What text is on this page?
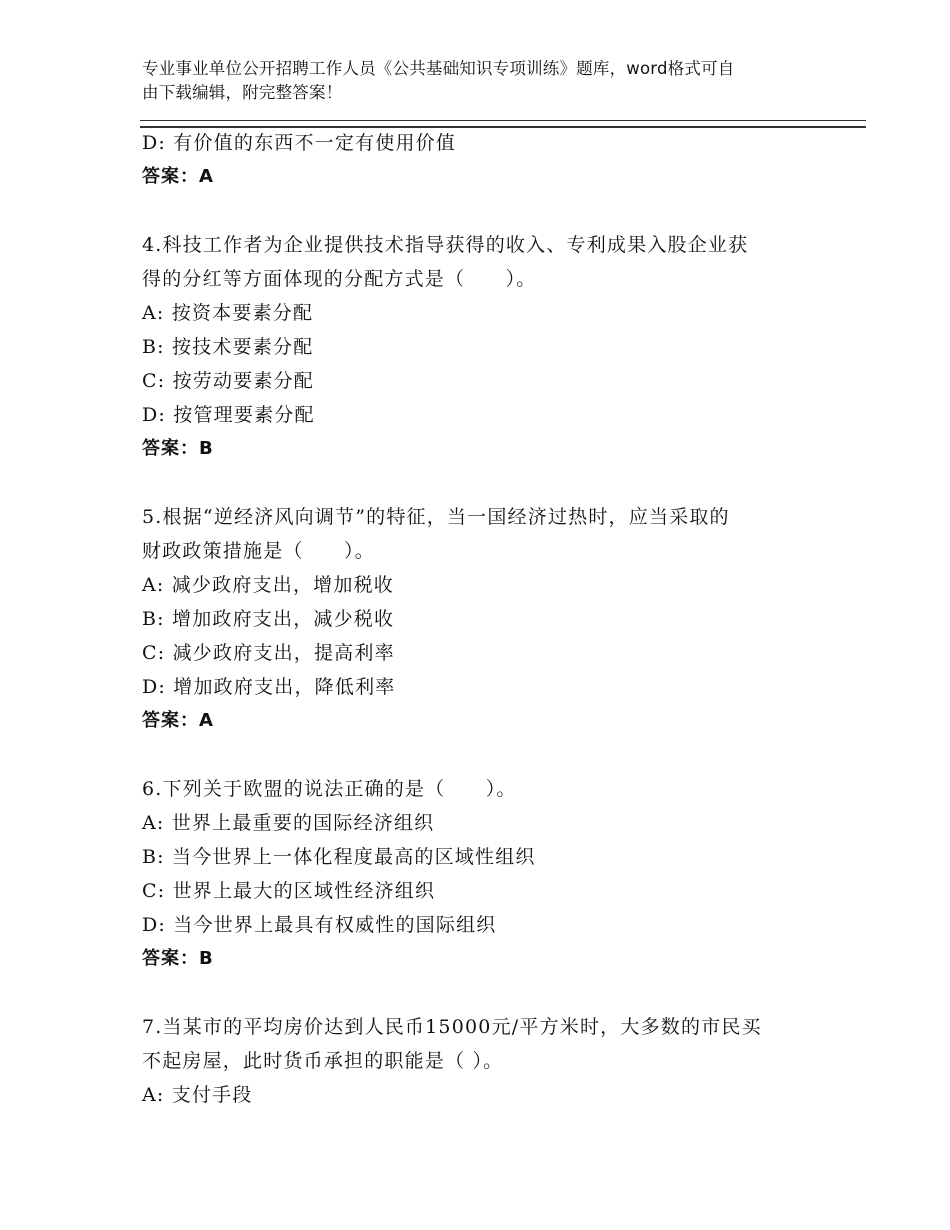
专业事业单位公开招聘工作人员《公共基础知识专项训练》题库，word格式可自
由下载编辑，附完整答案！
D: 有价值的东西不一定有使用价值
答案：A
4.科技工作者为企业提供技术指导获得的收入、专利成果入股企业获
得的分红等方面体现的分配方式是（　　）。
A: 按资本要素分配
B: 按技术要素分配
C: 按劳动要素分配
D: 按管理要素分配
答案：B
5.根据“逆经济风向调节”的特征，当一国经济过热时，应当采取的
财政政策措施是（　　）。
A: 减少政府支出，增加税收
B: 增加政府支出，减少税收
C: 减少政府支出，提高利率
D: 增加政府支出，降低利率
答案：A
6.下列关于欧盟的说法正确的是（　　）。
A: 世界上最重要的国际经济组织
B: 当今世界上一体化程度最高的区域性组织
C: 世界上最大的区域性经济组织
D: 当今世界上最具有权威性的国际组织
答案：B
7.当某市的平均房价达到人民币15000元/平方米时，大多数的市民买
不起房屋，此时货币承担的职能是（ ）。
A: 支付手段
